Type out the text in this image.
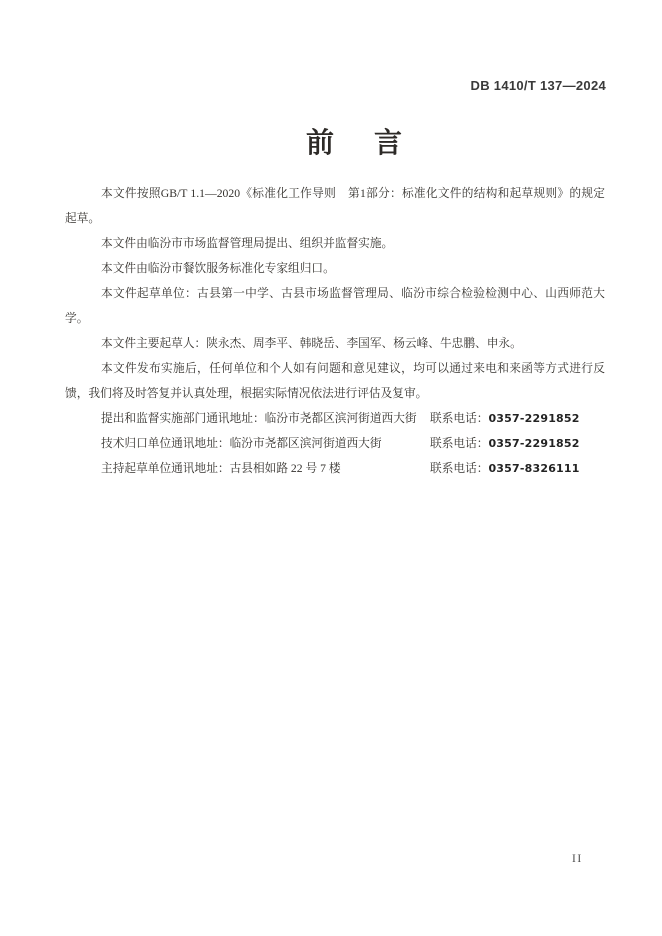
DB 1410/T 137—2024
前　言

本文件按照GB/T 1.1—2020《标准化工作导则　第1部分：标准化文件的结构和起草规则》的规定起草。

本文件由临汾市市场监督管理局提出、组织并监督实施。

本文件由临汾市餐饮服务标准化专家组归口。

本文件起草单位：古县第一中学、古县市场监督管理局、临汾市综合检验检测中心、山西师范大学。

本文件主要起草人：陕永杰、周李平、韩晓岳、李国军、杨云峰、牛忠鹏、申永。

本文件发布实施后，任何单位和个人如有问题和意见建议，均可以通过来电和来函等方式进行反馈，我们将及时答复并认真处理，根据实际情况依法进行评估及复审。

提出和监督实施部门通讯地址：临汾市尧都区滨河街道西大街	联系电话：0357-2291852
技术归口单位通讯地址：临汾市尧都区滨河街道西大街	联系电话：0357-2291852
主持起草单位通讯地址：古县相如路 22 号 7 楼	联系电话：0357-8326111
II
